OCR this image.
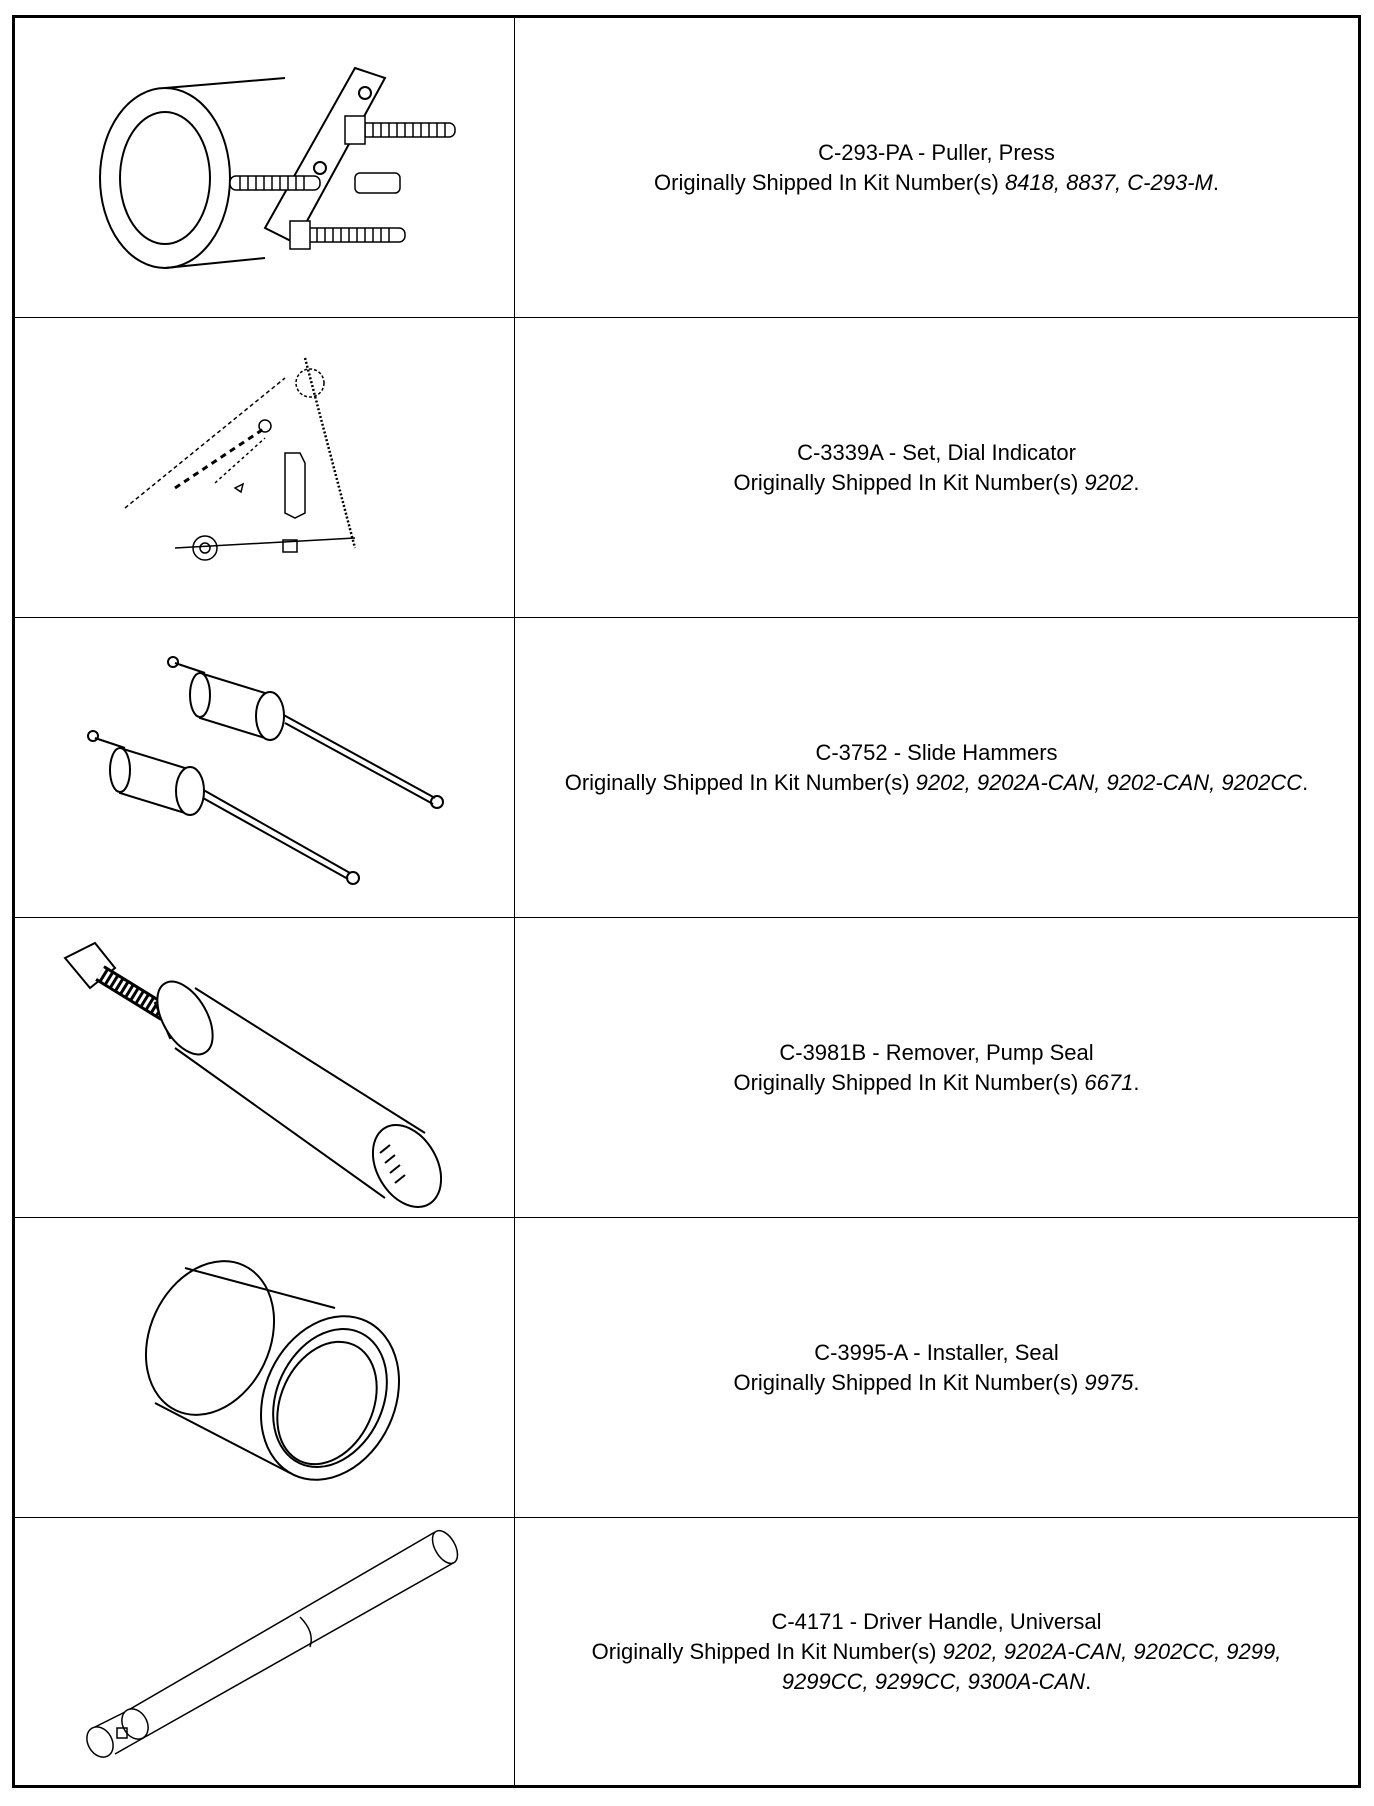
C-293-PA - Puller, Press
Originally Shipped In Kit Number(s) 8418, 8837, C-293-M.
C-3339A - Set, Dial Indicator
Originally Shipped In Kit Number(s) 9202.
C-3752 - Slide Hammers
Originally Shipped In Kit Number(s) 9202, 9202A-CAN, 9202-CAN, 9202CC.
C-3981B - Remover, Pump Seal
Originally Shipped In Kit Number(s) 6671.
C-3995-A - Installer, Seal
Originally Shipped In Kit Number(s) 9975.
C-4171 - Driver Handle, Universal
Originally Shipped In Kit Number(s) 9202, 9202A-CAN, 9202CC, 9299, 9299CC, 9299CC, 9300A-CAN.
